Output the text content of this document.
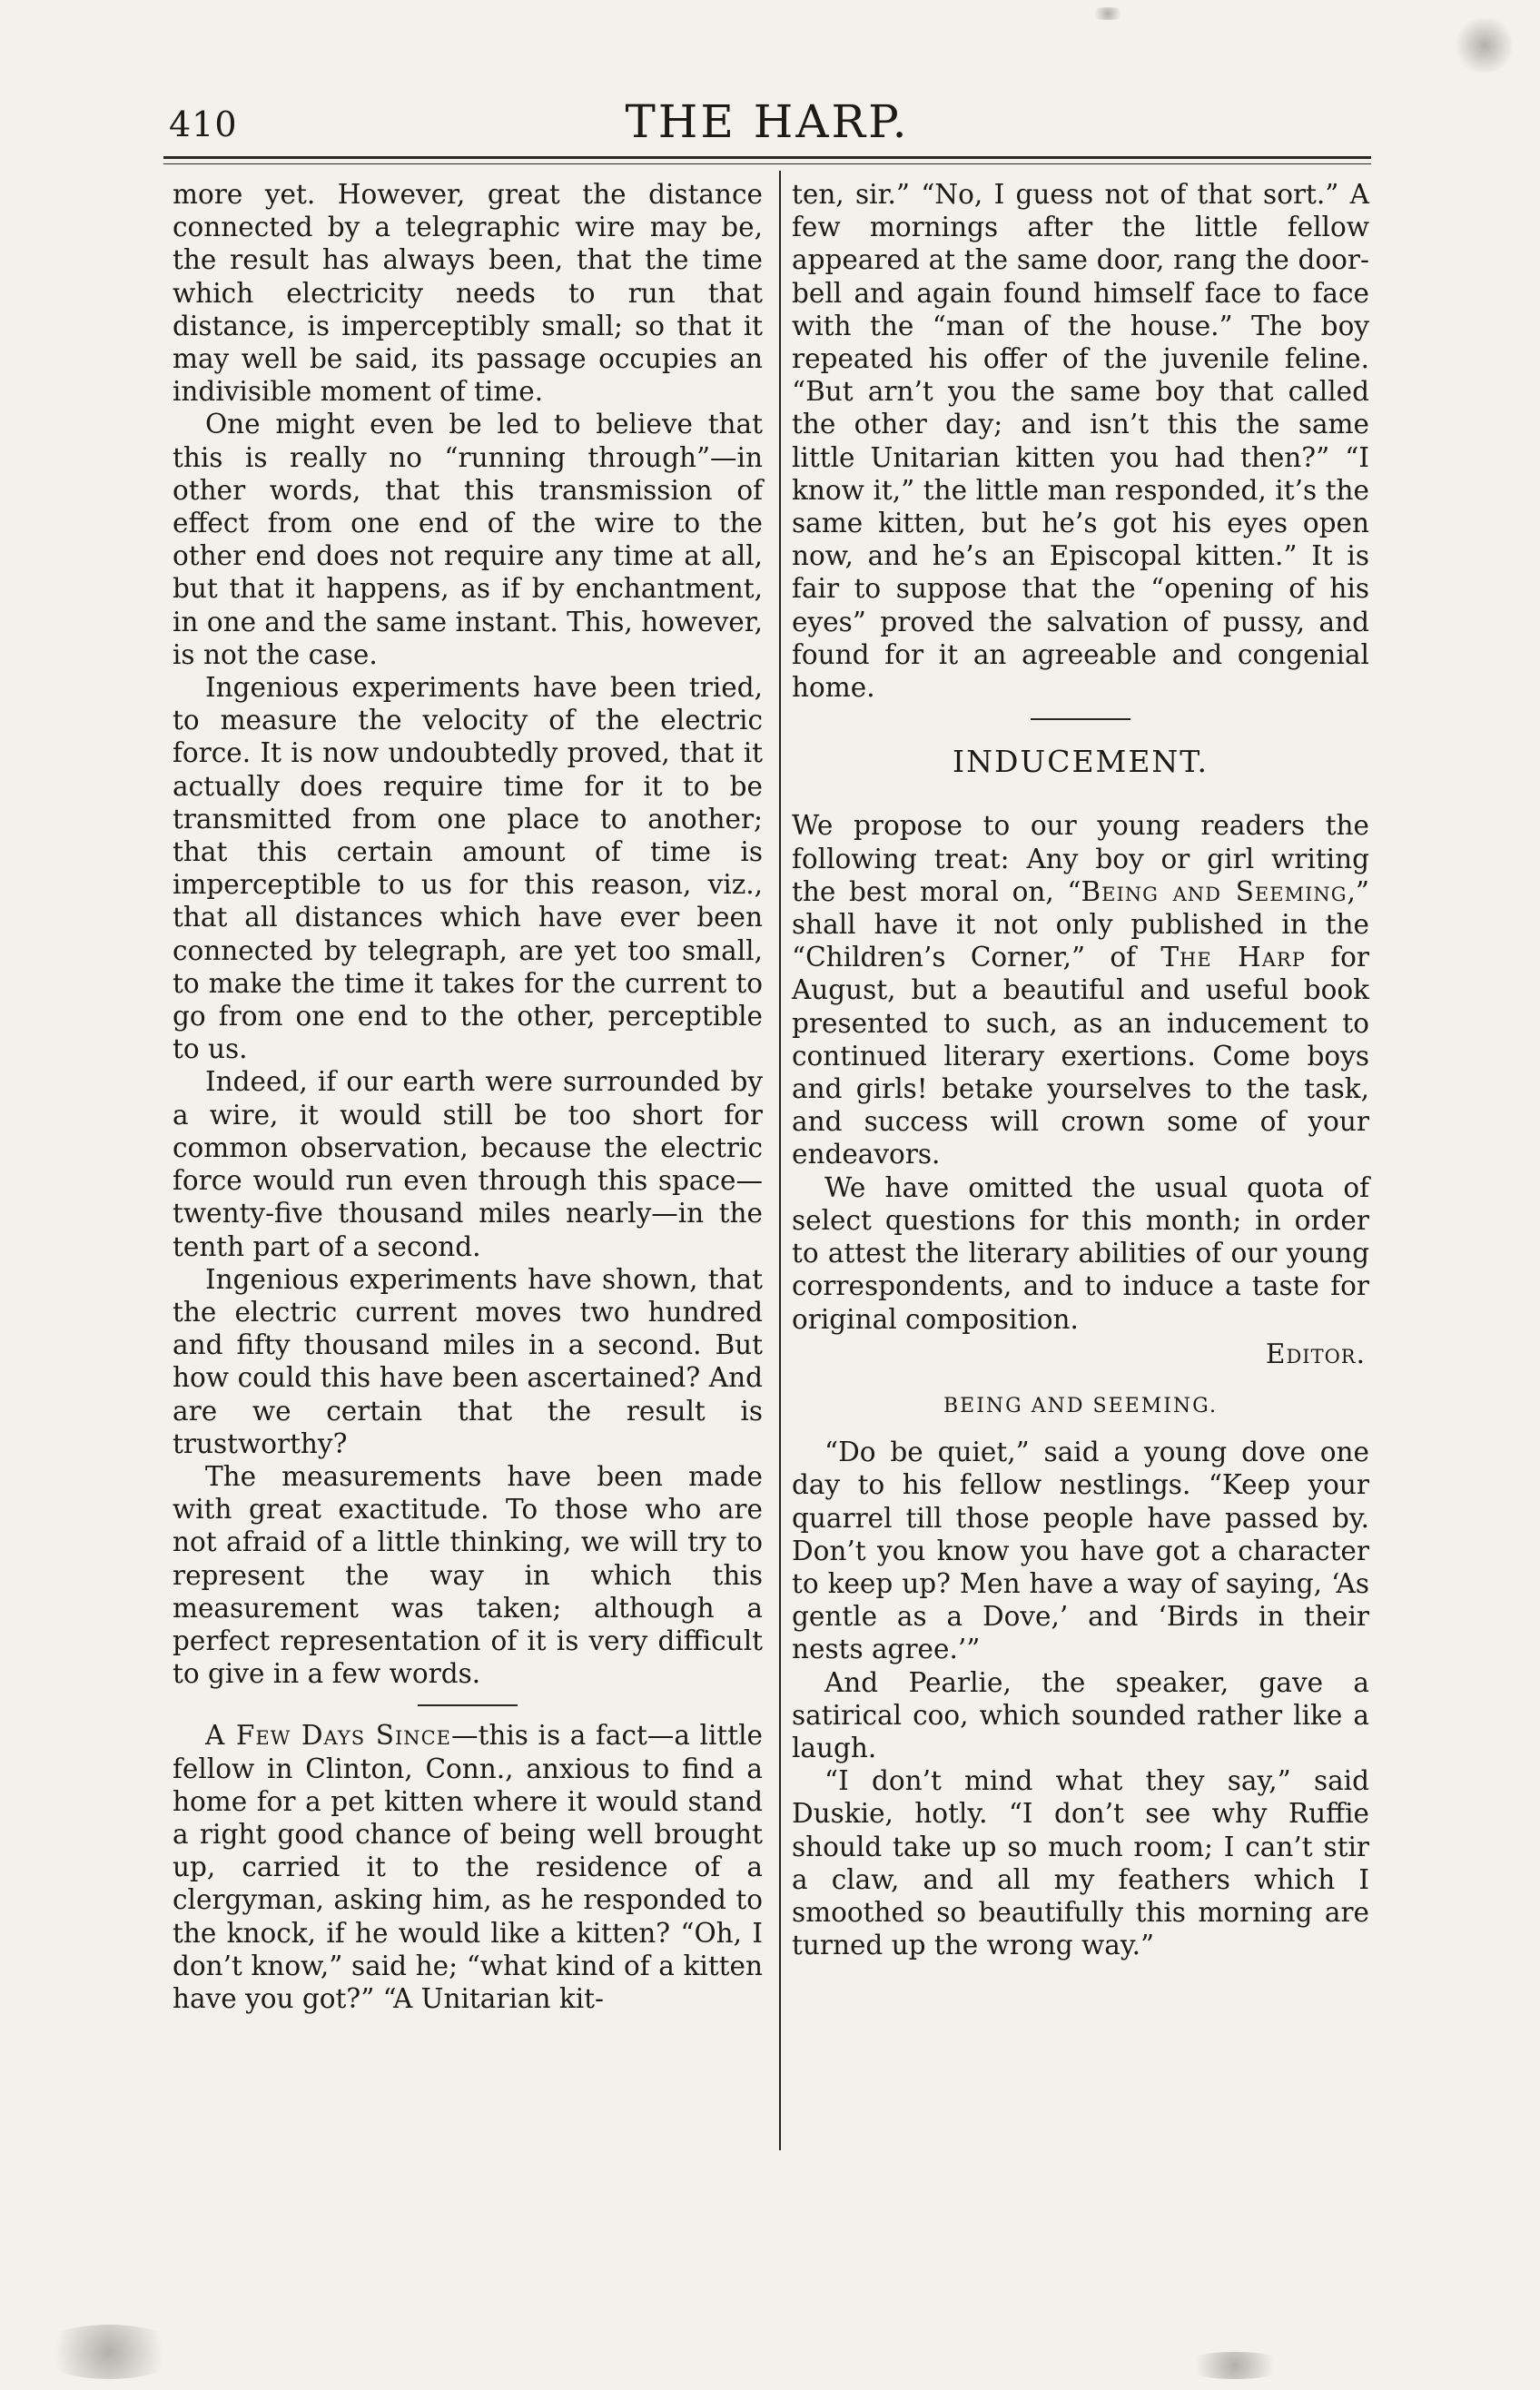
410	THE HARP.

more yet. However, great the distance connected by a telegraphic wire may be, the result has always been, that the time which electricity needs to run that distance, is imperceptibly small; so that it may well be said, its passage occupies an indivisible moment of time.

One might even be led to believe that this is really no “running through”—in other words, that this transmission of effect from one end of the wire to the other end does not require any time at all, but that it happens, as if by enchantment, in one and the same instant. This, however, is not the case.

Ingenious experiments have been tried, to measure the velocity of the electric force. It is now undoubtedly proved, that it actually does require time for it to be transmitted from one place to another; that this certain amount of time is imperceptible to us for this reason, viz., that all distances which have ever been connected by telegraph, are yet too small, to make the time it takes for the current to go from one end to the other, perceptible to us.

Indeed, if our earth were surrounded by a wire, it would still be too short for common observation, because the electric force would run even through this space—twenty-five thousand miles nearly—in the tenth part of a second.

Ingenious experiments have shown, that the electric current moves two hundred and fifty thousand miles in a second. But how could this have been ascertained? And are we certain that the result is trustworthy?

The measurements have been made with great exactitude. To those who are not afraid of a little thinking, we will try to represent the way in which this measurement was taken; although a perfect representation of it is very difficult to give in a few words.

A Few Days Since—this is a fact—a little fellow in Clinton, Conn., anxious to find a home for a pet kitten where it would stand a right good chance of being well brought up, carried it to the residence of a clergyman, asking him, as he responded to the knock, if he would like a kitten? “Oh, I don’t know,” said he; “what kind of a kitten have you got?” “A Unitarian kit-

ten, sir.” “No, I guess not of that sort.” A few mornings after the little fellow appeared at the same door, rang the door-bell and again found himself face to face with the “man of the house.” The boy repeated his offer of the juvenile feline. “But arn’t you the same boy that called the other day; and isn’t this the same little Unitarian kitten you had then?” “I know it,” the little man responded, it’s the same kitten, but he’s got his eyes open now, and he’s an Episcopal kitten.” It is fair to suppose that the “opening of his eyes” proved the salvation of pussy, and found for it an agreeable and congenial home.

INDUCEMENT.

We propose to our young readers the following treat: Any boy or girl writing the best moral on, “Being and Seeming,” shall have it not only published in the “Children’s Corner,” of The Harp for August, but a beautiful and useful book presented to such, as an inducement to continued literary exertions. Come boys and girls! betake yourselves to the task, and success will crown some of your endeavors.

We have omitted the usual quota of select questions for this month; in order to attest the literary abilities of our young correspondents, and to induce a taste for original composition.

Editor.
BEING AND SEEMING.

“Do be quiet,” said a young dove one day to his fellow nestlings. “Keep your quarrel till those people have passed by. Don’t you know you have got a character to keep up? Men have a way of saying, ‘As gentle as a Dove,’ and ‘Birds in their nests agree.’”

And Pearlie, the speaker, gave a satirical coo, which sounded rather like a laugh.

“I don’t mind what they say,” said Duskie, hotly. “I don’t see why Ruffie should take up so much room; I can’t stir a claw, and all my feathers which I smoothed so beautifully this morning are turned up the wrong way.”
